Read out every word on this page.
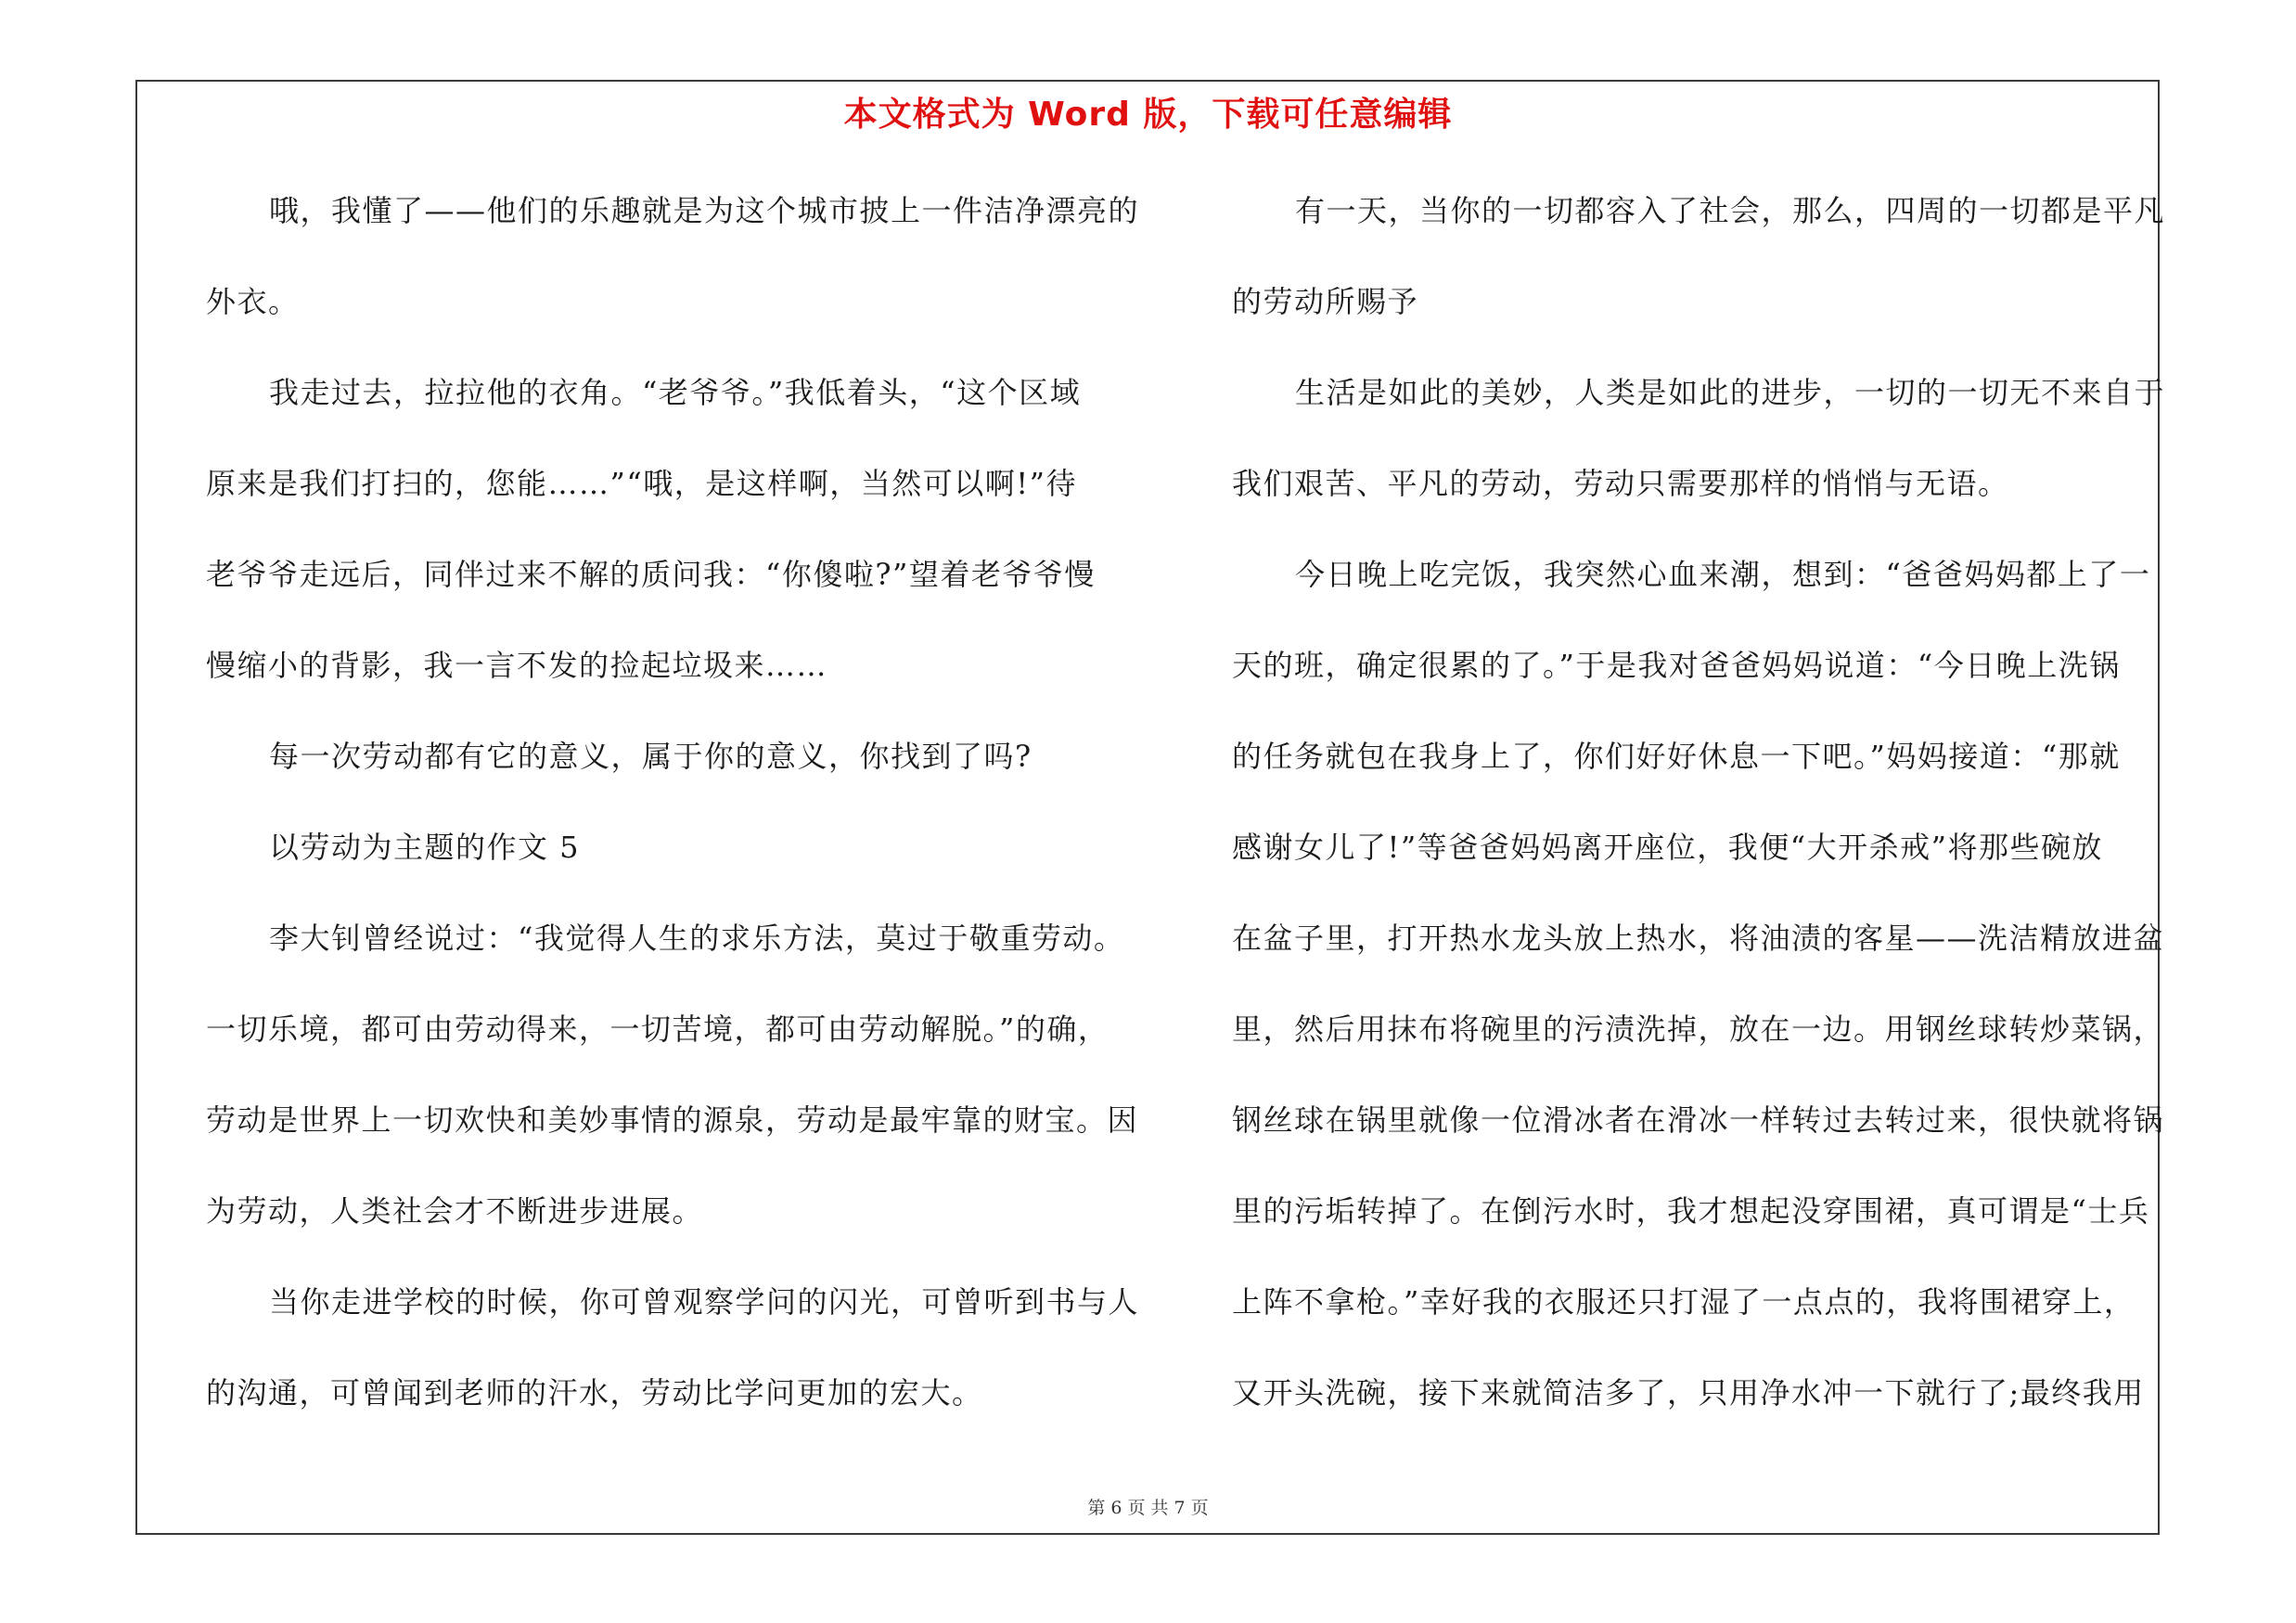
本文格式为 Word 版，下载可任意编辑
哦，我懂了——他们的乐趣就是为这个城市披上一件洁净漂亮的
外衣。
我走过去，拉拉他的衣角。“老爷爷。”我低着头，“这个区域
原来是我们打扫的，您能……”“哦，是这样啊，当然可以啊!”待
老爷爷走远后，同伴过来不解的质问我：“你傻啦?”望着老爷爷慢
慢缩小的背影，我一言不发的捡起垃圾来……
每一次劳动都有它的意义，属于你的意义，你找到了吗?
以劳动为主题的作文 5
李大钊曾经说过：“我觉得人生的求乐方法，莫过于敬重劳动。
一切乐境，都可由劳动得来，一切苦境，都可由劳动解脱。”的确，
劳动是世界上一切欢快和美妙事情的源泉，劳动是最牢靠的财宝。因
为劳动，人类社会才不断进步进展。
当你走进学校的时候，你可曾观察学问的闪光，可曾听到书与人
的沟通，可曾闻到老师的汗水，劳动比学问更加的宏大。
有一天，当你的一切都容入了社会，那么，四周的一切都是平凡
的劳动所赐予
生活是如此的美妙，人类是如此的进步，一切的一切无不来自于
我们艰苦、平凡的劳动，劳动只需要那样的悄悄与无语。
今日晚上吃完饭，我突然心血来潮，想到：“爸爸妈妈都上了一
天的班，确定很累的了。”于是我对爸爸妈妈说道：“今日晚上洗锅
的任务就包在我身上了，你们好好休息一下吧。”妈妈接道：“那就
感谢女儿了!”等爸爸妈妈离开座位，我便“大开杀戒”将那些碗放
在盆子里，打开热水龙头放上热水，将油渍的客星——洗洁精放进盆
里，然后用抹布将碗里的污渍洗掉，放在一边。用钢丝球转炒菜锅，
钢丝球在锅里就像一位滑冰者在滑冰一样转过去转过来，很快就将锅
里的污垢转掉了。在倒污水时，我才想起没穿围裙，真可谓是“士兵
上阵不拿枪。”幸好我的衣服还只打湿了一点点的，我将围裙穿上，
又开头洗碗，接下来就简洁多了，只用净水冲一下就行了;最终我用
第 6 页 共 7 页
